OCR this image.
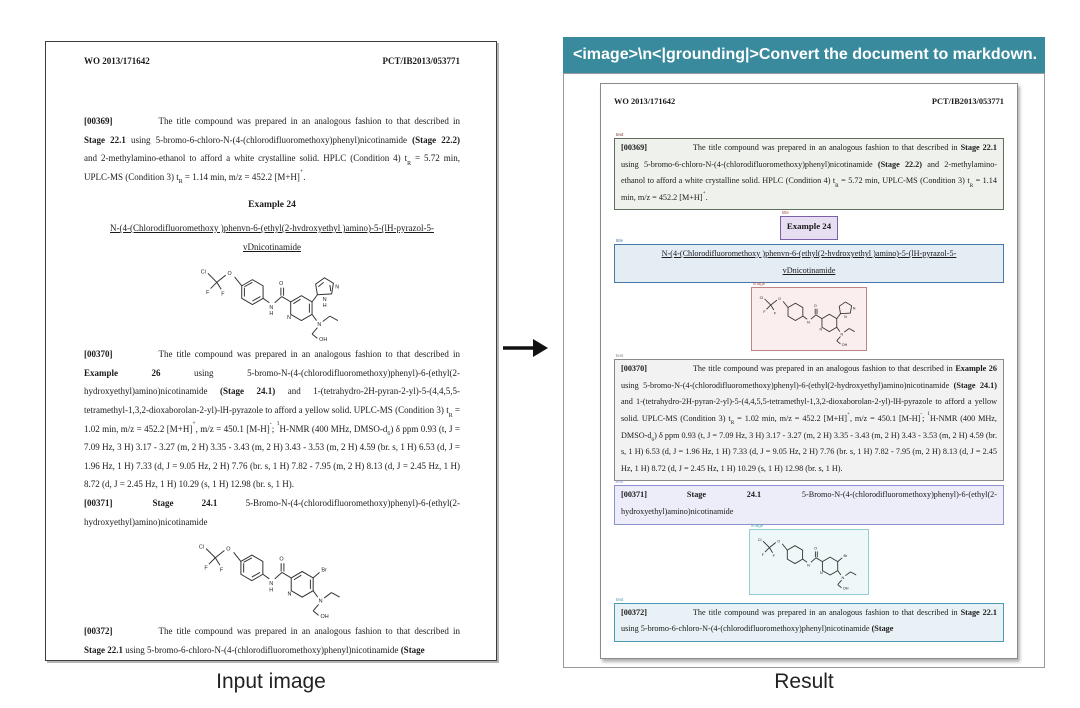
WO 2013/171642	PCT/IB2013/053771

[00369]	The title compound was prepared in an analogous fashion to that described in Stage 22.1 using 5-bromo-6-chloro-N-(4-(chlorodifluoromethoxy)phenyl)nicotinamide (Stage 22.2) and 2-methylamino-ethanol to afford a white crystalline solid. HPLC (Condition 4) $t_R = 5.72$ min, UPLC-MS (Condition 3) $t_R = 1.14$ min, m/z = 452.2 [M+H]+.

Example 24
N-(4-(Chlorodifluoromethoxy )phenvn-6-(ethyl(2-hvdroxyethyl )amino)-5-(lH-pyrazol-5-
vDnicotinamide
Cl
F F
O
N
H
O
N
N
N
H
N
OH

[00370]	The title compound was prepared in an analogous fashion to that described in Example 26 using 5-bromo-N-(4-(chlorodifluoromethoxy)phenyl)-6-(ethyl(2-hydroxyethyl)amino)nicotinamide (Stage 24.1) and 1-(tetrahydro-2H-pyran-2-yl)-5-(4,4,5,5-tetramethyl-1,3,2-dioxaborolan-2-yl)-lH-pyrazole to afford a yellow solid. UPLC-MS (Condition 3) $t_R = 1.02$ min, m/z = 452.2 [M+H]+, m/z = 450.1 [M-H]-; $^1$H-NMR (400 MHz, DMSO-$d_6$) δ ppm 0.93 (t, J = 7.09 Hz, 3 H) 3.17 - 3.27 (m, 2 H) 3.35 - 3.43 (m, 2 H) 3.43 - 3.53 (m, 2 H) 4.59 (br. s, 1 H) 6.53 (d, J = 1.96 Hz, 1 H) 7.33 (d, J = 9.05 Hz, 2 H) 7.76 (br. s, 1 H) 7.82 - 7.95 (m, 2 H) 8.13 (d, J = 2.45 Hz, 1 H) 8.72 (d, J = 2.45 Hz, 1 H) 10.29 (s, 1 H) 12.98 (br. s, 1 H).

[00371]	Stage 24.1 5-Bromo-N-(4-(chlorodifluoromethoxy)phenyl)-6-(ethyl(2-hydroxyethyl)amino)nicotinamide

Cl
F F
O
N
H
O
N
Br
N
OH

[00372]	The title compound was prepared in an analogous fashion to that described in Stage 22.1 using 5-bromo-6-chloro-N-(4-(chlorodifluoromethoxy)phenyl)nicotinamide (Stage

<image>\n<|grounding|>Convert the document to markdown.
WO 2013/171642	PCT/IB2013/053771
text
[00369]	The title compound was prepared in an analogous fashion to that described in Stage 22.1 using 5-bromo-6-chloro-N-(4-(chlorodifluoromethoxy)phenyl)nicotinamide (Stage 22.2) and 2-methylamino-ethanol to afford a white crystalline solid. HPLC (Condition 4) $t_R = 5.72$ min, UPLC-MS (Condition 3) $t_R = 1.14$ min, m/z = 452.2 [M+H]+.
title
Example 24
title
N-(4-(Chlorodifluoromethoxy )phenvn-6-(ethyl(2-hvdroxyethyl )amino)-5-(lH-pyrazol-5-
vDnicotinamide
image
Cl
F F
O
N
O
N
N
N
N
OH
text
[00370]	The title compound was prepared in an analogous fashion to that described in Example 26 using 5-bromo-N-(4-(chlorodifluoromethoxy)phenyl)-6-(ethyl(2-hydroxyethyl)amino)nicotinamide (Stage 24.1) and 1-(tetrahydro-2H-pyran-2-yl)-5-(4,4,5,5-tetramethyl-1,3,2-dioxaborolan-2-yl)-lH-pyrazole to afford a yellow solid. UPLC-MS (Condition 3) $t_R = 1.02$ min, m/z = 452.2 [M+H]+, m/z = 450.1 [M-H]-; $^1$H-NMR (400 MHz, DMSO-$d_6$) δ ppm 0.93 (t, J = 7.09 Hz, 3 H) 3.17 - 3.27 (m, 2 H) 3.35 - 3.43 (m, 2 H) 3.43 - 3.53 (m, 2 H) 4.59 (br. s, 1 H) 6.53 (d, J = 1.96 Hz, 1 H) 7.33 (d, J = 9.05 Hz, 2 H) 7.76 (br. s, 1 H) 7.82 - 7.95 (m, 2 H) 8.13 (d, J = 2.45 Hz, 1 H) 8.72 (d, J = 2.45 Hz, 1 H) 10.29 (s, 1 H) 12.98 (br. s, 1 H).
text
[00371]	Stage 24.1 5-Bromo-N-(4-(chlorodifluoromethoxy)phenyl)-6-(ethyl(2-hydroxyethyl)amino)nicotinamide
image
Cl
F F
O
N
O
N
Br
N
OH
text
[00372]	The title compound was prepared in an analogous fashion to that described in Stage 22.1 using 5-bromo-6-chloro-N-(4-(chlorodifluoromethoxy)phenyl)nicotinamide (Stage
Input image	Result
